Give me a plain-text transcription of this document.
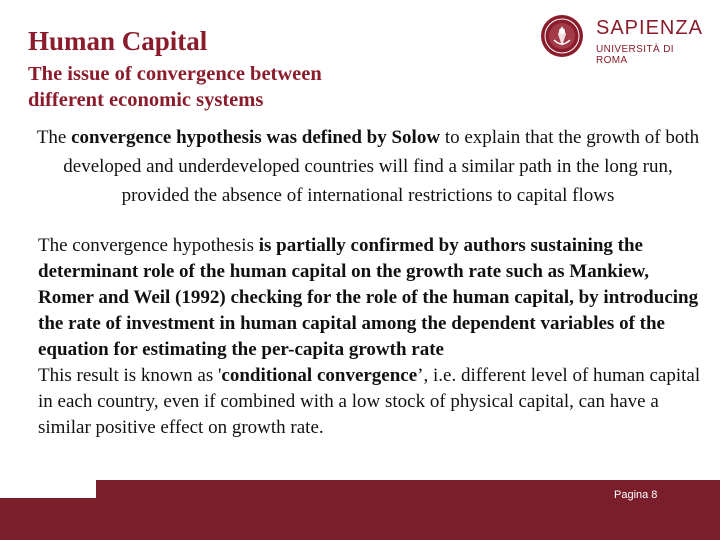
Human Capital
The issue of convergence between different economic systems
SAPIENZA
UNIVERSITÀ DI ROMA
The convergence hypothesis was defined by Solow to explain that the growth of both developed and underdeveloped countries will find a similar path in the long run, provided the absence of international restrictions to capital flows
The convergence hypothesis is partially confirmed by authors sustaining the determinant role of the human capital on the growth rate such as Mankiew, Romer and Weil (1992) checking for the role of the human capital, by introducing the rate of investment in human capital among the dependent variables of the equation for estimating the per-capita growth rate
This result is known as 'conditional convergence’, i.e. different level of human capital in each country, even if combined with a low stock of physical capital, can have a similar positive effect on growth rate.
Pagina 8
